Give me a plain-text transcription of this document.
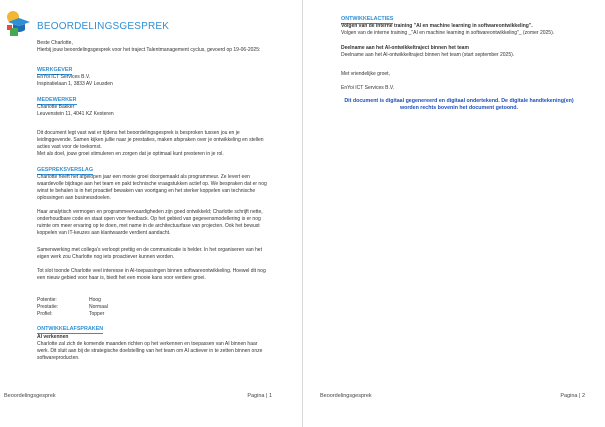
BEOORDELINGSGESPREK
Beste Charlotte,
Hierbij jouw beoordelingsgesprek voor het traject Talentmanagement cyclus, gevoerd op 19-06-2025:
WERKGEVER
EnYoi ICT Services B.V.
Inspiratielaan 1, 3833 AV Leusden
MEDEWERKER
Charlotte Bakker
Leuvenstein 11, 4041 KZ Kesteren
Dit document legt vast wat er tijdens het beoordelingsgesprek is besproken tussen jou en je leidinggevende. Samen kijken jullie naar je prestaties, maken afspraken over je ontwikkeling en stellen acties vast voor de toekomst.
Met als doel, jouw groei stimuleren en zorgen dat je optimaal kunt presteren in je rol.
GESPREKSVERSLAG
Charlotte heeft het afgelopen jaar een mooie groei doorgemaakt als programmeur. Ze levert een waardevolle bijdrage aan het team en pakt technische vraagstukken actief op. We bespraken dat er nog winst te behalen is in het proactief bewaken van voortgang en het sterker koppelen van technische oplossingen aan businessdoelen.
Haar analytisch vermogen en programmeervaardigheden zijn goed ontwikkeld; Charlotte schrijft nette, onderhoudbare code en staat open voor feedback. Op het gebied van gegevensmodellering is er nog ruimte om meer ervaring op te doen, met name in de architectuurfase van projecten. Ook het bewust koppelen van IT-keuzes aan klantwaarde verdient aandacht.
Samenwerking met collega's verloopt prettig en de communicatie is helder. In het organiseren van het eigen werk zou Charlotte nog iets proactiever kunnen worden.
Tot slot toonde Charlotte veel interesse in AI-toepassingen binnen softwareontwikkeling. Hoewel dit nog een nieuw gebied voor haar is, biedt het een mooie kans voor verdere groei.
Potentie:	Hoog
Prestatie:	Normaal
Profiel:	Topper
ONTWIKKELAFSPRAKEN
AI verkennen
Charlotte zal zich de komende maanden richten op het verkennen en toepassen van AI binnen haar werk. Dit sluit aan bij de strategische doelstelling van het team om AI actiever in te zetten binnen onze softwareproducten.
Beoordelingsgesprek	Pagina | 1
ONTWIKKELACTIES
Volgen van de interne training "AI en machine learning in softwareontwikkeling".
Volgen van de interne training _"AI en machine learning in softwareontwikkeling"_ (zomer 2025).
Deelname aan het AI-ontwikkeltraject binnen het team
Deelname aan het AI-ontwikkeltraject binnen het team (start september 2025).
Met vriendelijke groet,
EnYoi ICT Services B.V.
Dit document is digitaal gegenereerd en digitaal ondertekend. De digitale handtekening(en) worden rechts bovenin het document getoond.
Beoordelingsgesprek	Pagina | 2
